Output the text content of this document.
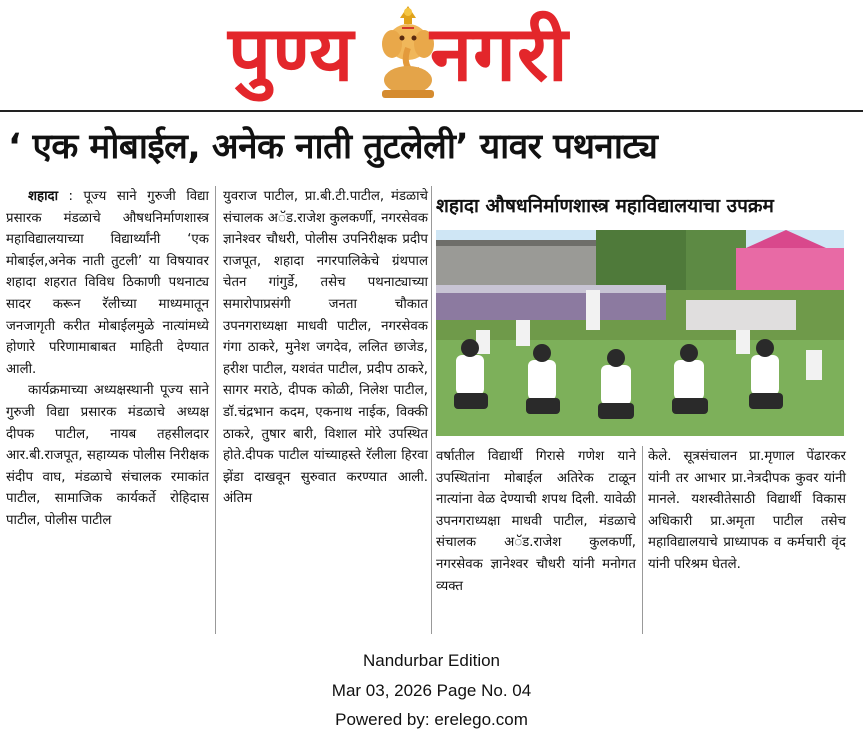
पुण्य नगरी
‘ एक मोबाईल, अनेक नाती तुटलेली’ यावर पथनाट्य

शहादा : पूज्य साने गुरुजी विद्या प्रसारक मंडळाचे औषधनिर्माणशास्त्र महाविद्यालयाच्या विद्यार्थ्यांनी ‘एक मोबाईल,अनेक नाती तुटली’ या विषयावर शहादा शहरात विविध ठिकाणी पथनाट्य सादर करून रॅलीच्या माध्यमातून जनजागृती करीत मोबाईलमुळे नात्यांमध्ये होणारे परिणामाबाबत माहिती देण्यात आली.

कार्यक्रमाच्या अध्यक्षस्थानी पूज्य साने गुरुजी विद्या प्रसारक मंडळाचे अध्यक्ष दीपक पाटील, नायब तहसीलदार आर.बी.राजपूत, सहाय्यक पोलीस निरीक्षक संदीप वाघ, मंडळाचे संचालक रमाकांत पाटील, सामाजिक कार्यकर्ते रोहिदास पाटील, पोलीस पाटील

युवराज पाटील, प्रा.बी.टी.पाटील, मंडळाचे संचालक अॅड.राजेश कुलकर्णी, नगरसेवक ज्ञानेश्वर चौधरी, पोलीस उपनिरीक्षक प्रदीप राजपूत, शहादा नगरपालिकेचे ग्रंथपाल चेतन गांगुर्डे, तसेच पथनाट्याच्या समारोपाप्रसंगी जनता चौकात उपनगराध्यक्षा माधवी पाटील, नगरसेवक गंगा ठाकरे, मुनेश जगदेव, ललित छाजेड, हरीश पाटील, यशवंत पाटील, प्रदीप ठाकरे, सागर मराठे, दीपक कोळी, निलेश पाटील, डॉ.चंद्रभान कदम, एकनाथ नाईक, विक्की ठाकरे, तुषार बारी, विशाल मोरे उपस्थित होते.दीपक पाटील यांच्याहस्ते रॅलीला हिरवा झेंडा दाखवून सुरुवात करण्यात आली. अंतिम

शहादा औषधनिर्माणशास्त्र महाविद्यालयाचा उपक्रम

वर्षातील विद्यार्थी गिरासे गणेश याने उपस्थितांना मोबाईल अतिरेक टाळून नात्यांना वेळ देण्याची शपथ दिली. यावेळी उपनगराध्यक्षा माधवी पाटील, मंडळाचे संचालक अॅड.राजेश कुलकर्णी, नगरसेवक ज्ञानेश्वर चौधरी यांनी मनोगत व्यक्त

केले. सूत्रसंचालन प्रा.मृणाल पेंढारकर यांनी तर आभार प्रा.नेत्रदीपक कुवर यांनी मानले. यशस्वीतेसाठी विद्यार्थी विकास अधिकारी प्रा.अमृता पाटील तसेच महाविद्यालयाचे प्राध्यापक व कर्मचारी वृंद यांनी परिश्रम घेतले.

Nandurbar Edition
Mar 03, 2026 Page No. 04
Powered by: erelego.com
